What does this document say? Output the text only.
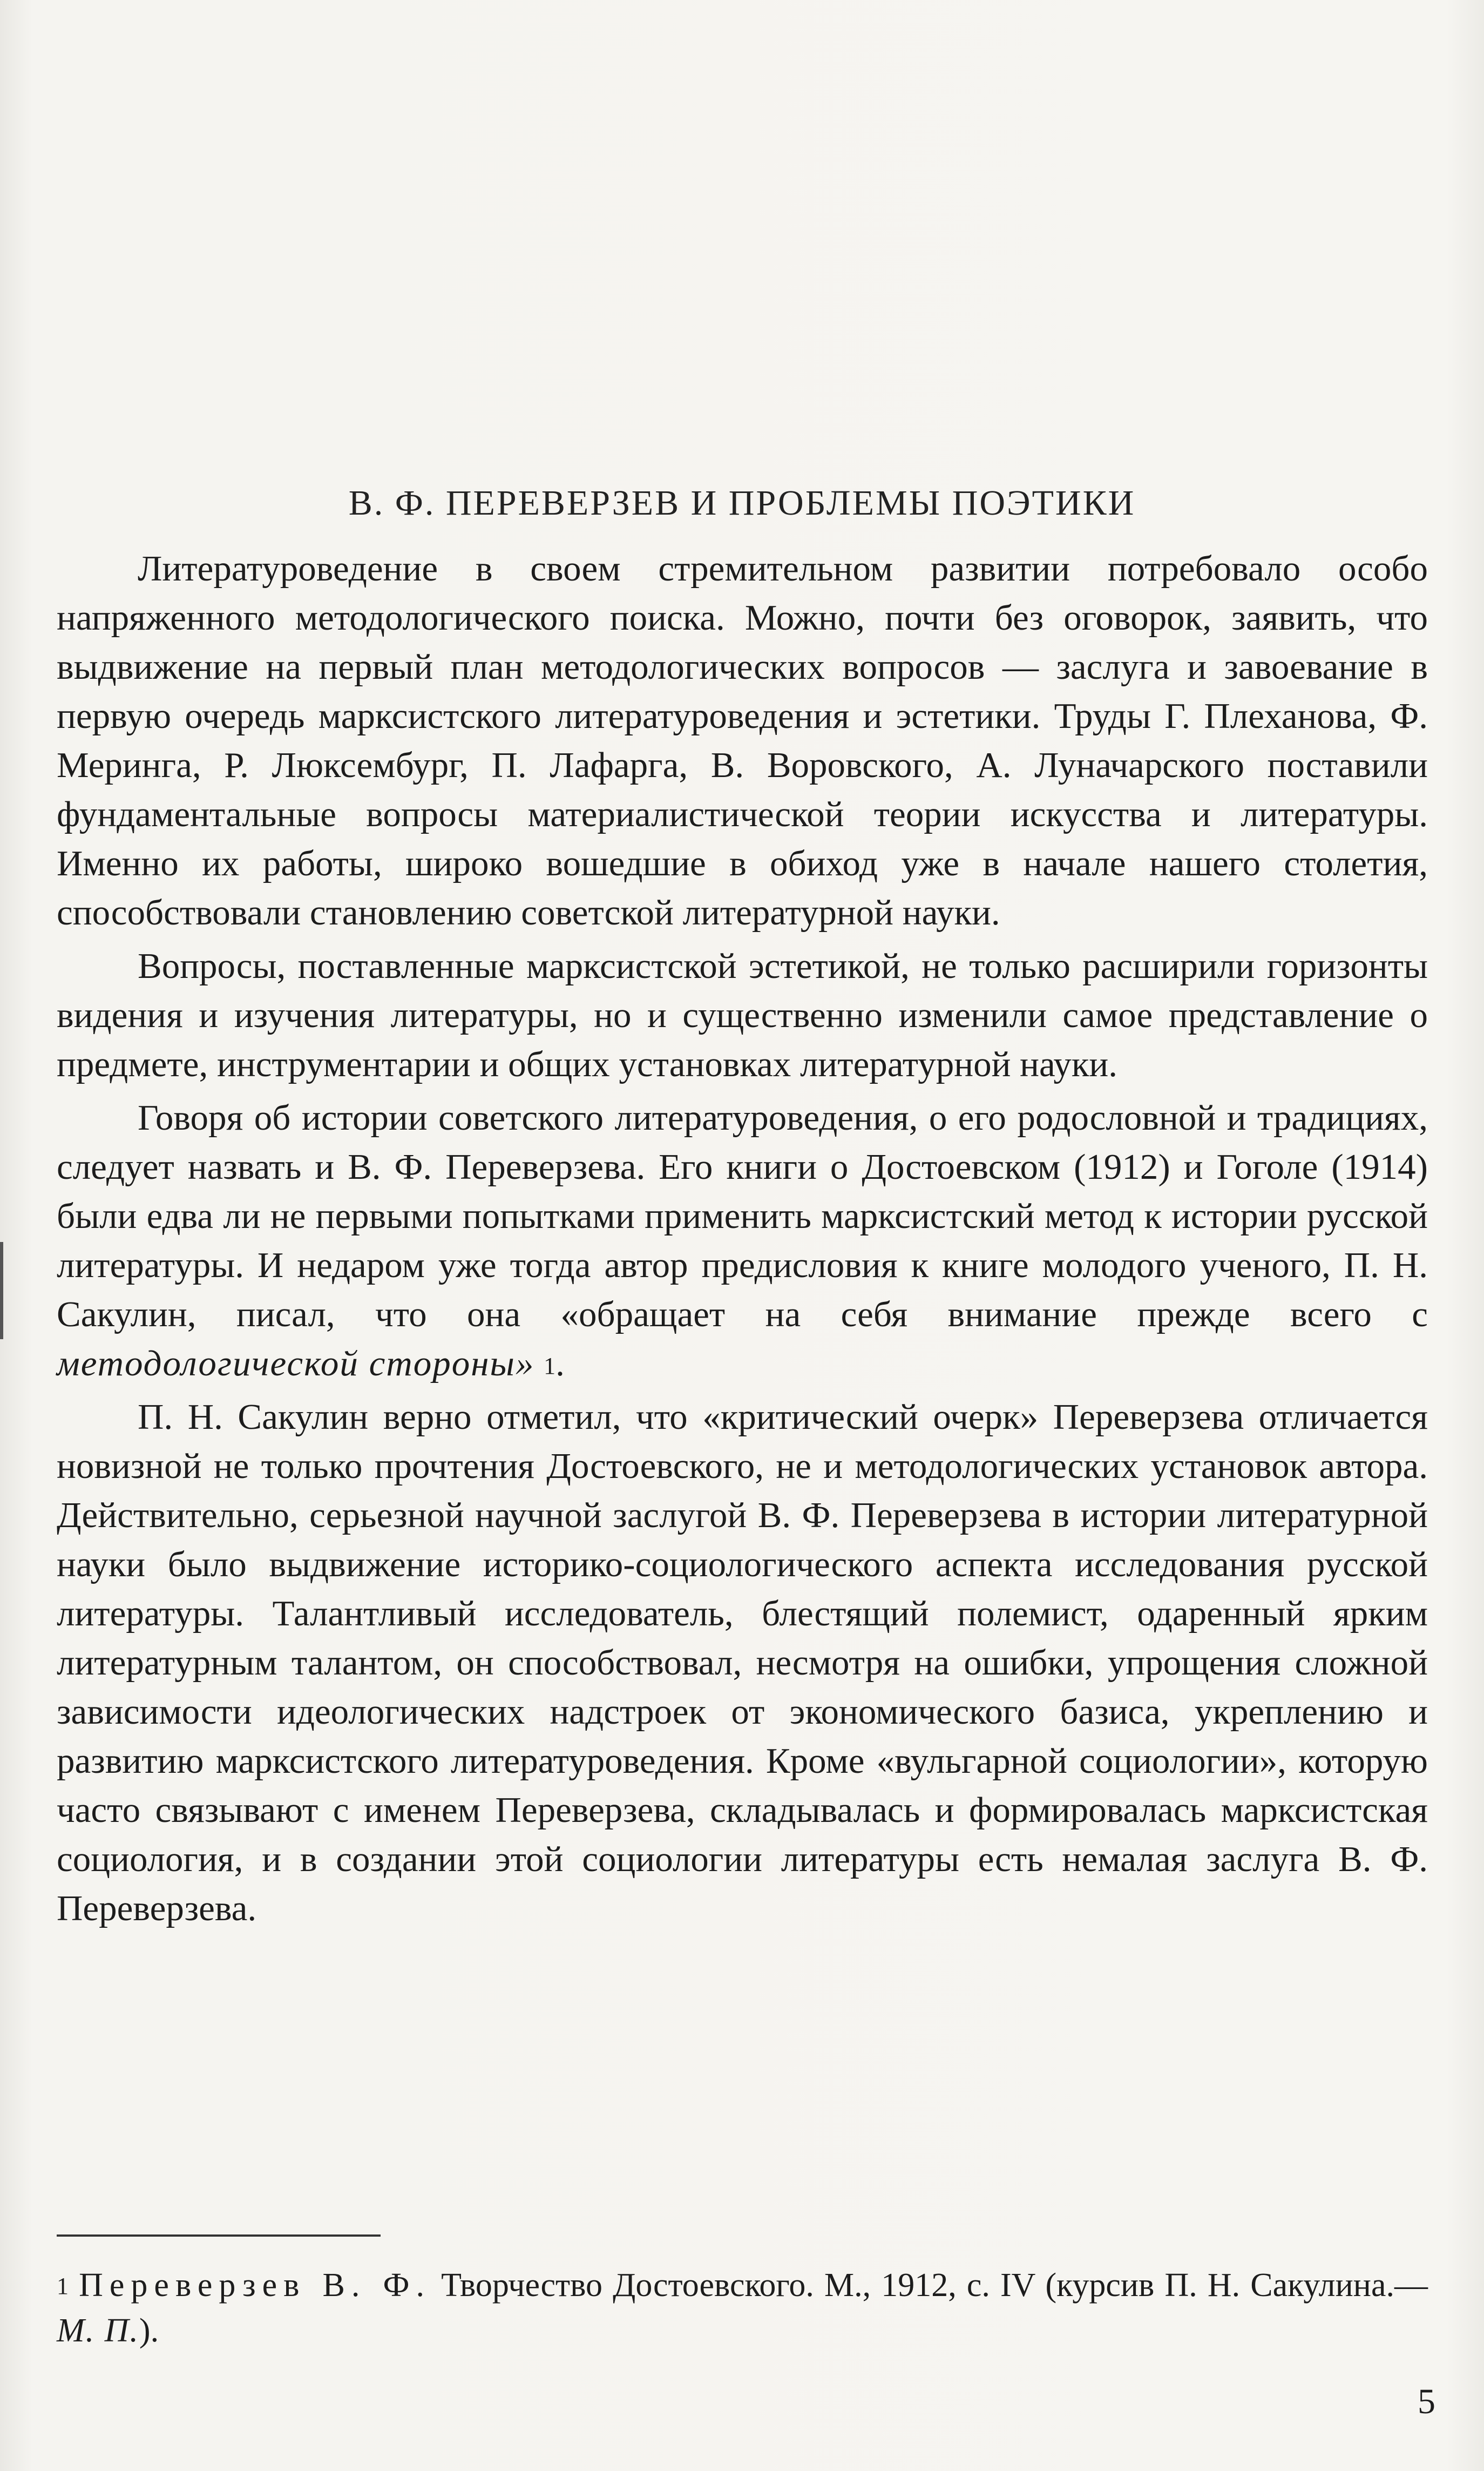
В. Ф. ПЕРЕВЕРЗЕВ И ПРОБЛЕМЫ ПОЭТИКИ

Литературоведение в своем стремительном развитии потребовало особо напряженного методологического поиска. Можно, почти без оговорок, заявить, что выдвижение на первый план методологических вопросов — заслуга и завоевание в первую очередь марксистского литературоведения и эстетики. Труды Г. Плеханова, Ф. Меринга, Р. Люксембург, П. Лафарга, В. Воровского, А. Луначарского поставили фундаментальные вопросы материалистической теории искусства и литературы. Именно их работы, широко вошедшие в обиход уже в начале нашего столетия, способствовали становлению советской литературной науки.

Вопросы, поставленные марксистской эстетикой, не только расширили горизонты видения и изучения литературы, но и существенно изменили самое представление о предмете, инструментарии и общих установках литературной науки.

Говоря об истории советского литературоведения, о его родословной и традициях, следует назвать и В. Ф. Переверзева. Его книги о Достоевском (1912) и Гоголе (1914) были едва ли не первыми попытками применить марксистский метод к истории русской литературы. И недаром уже тогда автор предисловия к книге молодого ученого, П. Н. Сакулин, писал, что она «обращает на себя внимание прежде всего с методологической стороны» $^1$.

П. Н. Сакулин верно отметил, что «критический очерк» Переверзева отличается новизной не только прочтения Достоевского, не и методологических установок автора. Действительно, серьезной научной заслугой В. Ф. Переверзева в истории литературной науки было выдвижение историко-социологического аспекта исследования русской литературы. Талантливый исследователь, блестящий полемист, одаренный ярким литературным талантом, он способствовал, несмотря на ошибки, упрощения сложной зависимости идеологических надстроек от экономического базиса, укреплению и развитию марксистского литературоведения. Кроме «вульгарной социологии», которую часто связывают с именем Переверзева, складывалась и формировалась марксистская социология, и в создании этой социологии литературы есть немалая заслуга В. Ф. Переверзева.

$^1$ Переверзев В. Ф. Творчество Достоевского. М., 1912, с. IV (курсив П. Н. Сакулина.— М. П.).
5
